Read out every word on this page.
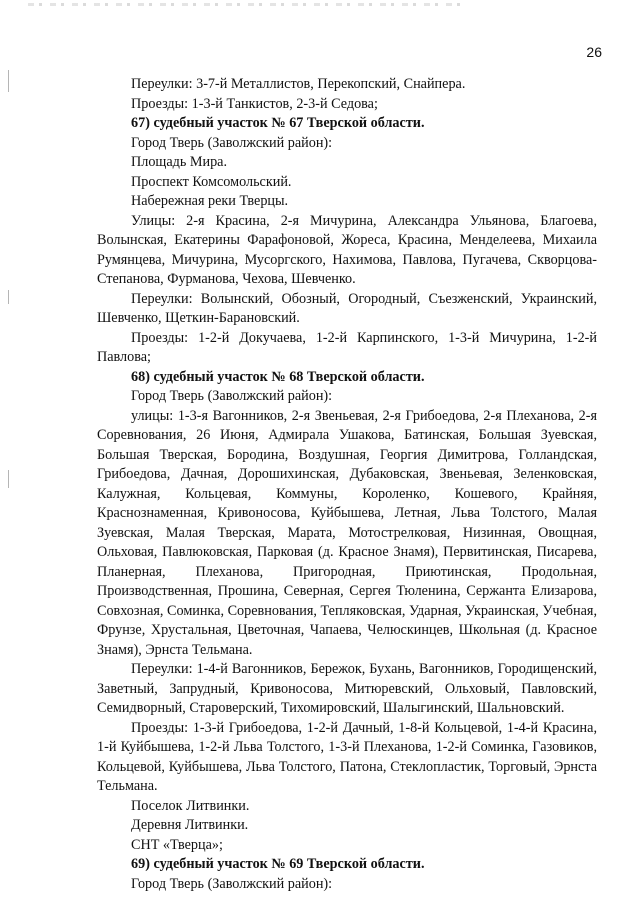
26

Переулки: 3-7-й Металлистов, Перекопский, Снайпера.

Проезды: 1-3-й Танкистов, 2-3-й Седова;

67) судебный участок № 67 Тверской области.

Город Тверь (Заволжский район):

Площадь Мира.

Проспект Комсомольский.

Набережная реки Тверцы.

Улицы: 2-я Красина, 2-я Мичурина, Александра Ульянова, Благоева, Волынская, Екатерины Фарафоновой, Жореса, Красина, Менделеева, Михаила Румянцева, Мичурина, Мусоргского, Нахимова, Павлова, Пугачева, Скворцова-Степанова, Фурманова, Чехова, Шевченко.

Переулки: Волынский, Обозный, Огородный, Съезженский, Украинский, Шевченко, Щеткин-Барановский.

Проезды: 1-2-й Докучаева, 1-2-й Карпинского, 1-3-й Мичурина, 1-2-й Павлова;

68) судебный участок № 68 Тверской области.

Город Тверь (Заволжский район):

улицы: 1-3-я Вагонников, 2-я Звеньевая, 2-я Грибоедова, 2-я Плеханова, 2-я Соревнования, 26 Июня, Адмирала Ушакова, Батинская, Большая Зуевская, Большая Тверская, Бородина, Воздушная, Георгия Димитрова, Голландская, Грибоедова, Дачная, Дорошихинская, Дубаковская, Звеньевая, Зеленковская, Калужная, Кольцевая, Коммуны, Короленко, Кошевого, Крайняя, Краснознаменная, Кривоносова, Куйбышева, Летная, Льва Толстого, Малая Зуевская, Малая Тверская, Марата, Мотострелковая, Низинная, Овощная, Ольховая, Павлюковская, Парковая (д. Красное Знамя), Первитинская, Писарева, Планерная, Плеханова, Пригородная, Приютинская, Продольная, Производственная, Прошина, Северная, Сергея Тюленина, Сержанта Елизарова, Совхозная, Соминка, Соревнования, Тепляковская, Ударная, Украинская, Учебная, Фрунзе, Хрустальная, Цветочная, Чапаева, Челюскинцев, Школьная (д. Красное Знамя), Эрнста Тельмана.

Переулки: 1-4-й Вагонников, Бережок, Бухань, Вагонников, Городищенский, Заветный, Запрудный, Кривоносова, Митюревский, Ольховый, Павловский, Семидворный, Староверский, Тихомировский, Шалыгинский, Шальновский.

Проезды: 1-3-й Грибоедова, 1-2-й Дачный, 1-8-й Кольцевой, 1-4-й Красина, 1-й Куйбышева, 1-2-й Льва Толстого, 1-3-й Плеханова, 1-2-й Соминка, Газовиков, Кольцевой, Куйбышева, Льва Толстого, Патона, Стеклопластик, Торговый, Эрнста Тельмана.

Поселок Литвинки.

Деревня Литвинки.

СНТ «Тверца»;

69) судебный участок № 69 Тверской области.

Город Тверь (Заволжский район):
